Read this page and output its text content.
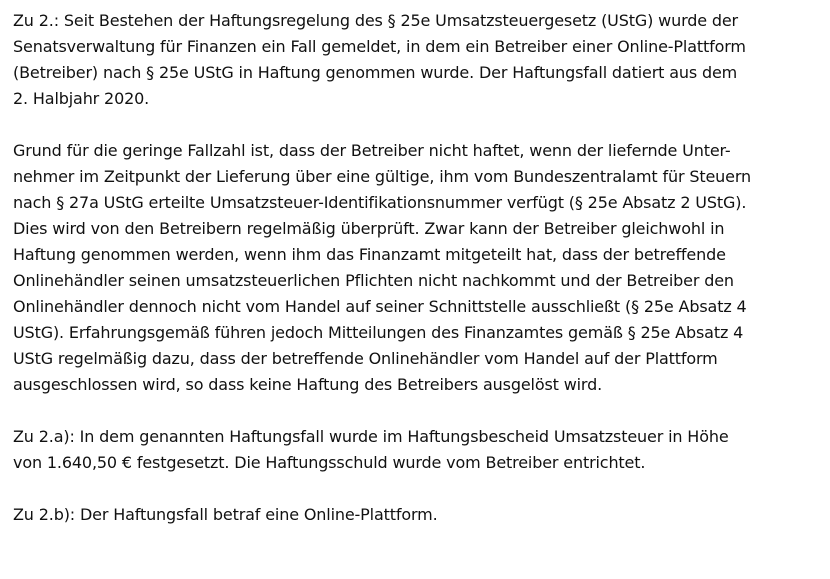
Zu 2.: Seit Bestehen der Haftungsregelung des § 25e Umsatzsteuergesetz (UStG) wurde der
Senatsverwaltung für Finanzen ein Fall gemeldet, in dem ein Betreiber einer Online-Plattform
(Betreiber) nach § 25e UStG in Haftung genommen wurde. Der Haftungsfall datiert aus dem
2. Halbjahr 2020.
Grund für die geringe Fallzahl ist, dass der Betreiber nicht haftet, wenn der liefernde Unter-
nehmer im Zeitpunkt der Lieferung über eine gültige, ihm vom Bundeszentralamt für Steuern
nach § 27a UStG erteilte Umsatzsteuer-Identifikationsnummer verfügt (§ 25e Absatz 2 UStG).
Dies wird von den Betreibern regelmäßig überprüft. Zwar kann der Betreiber gleichwohl in
Haftung genommen werden, wenn ihm das Finanzamt mitgeteilt hat, dass der betreffende
Onlinehändler seinen umsatzsteuerlichen Pflichten nicht nachkommt und der Betreiber den
Onlinehändler dennoch nicht vom Handel auf seiner Schnittstelle ausschließt (§ 25e Absatz 4
UStG). Erfahrungsgemäß führen jedoch Mitteilungen des Finanzamtes gemäß § 25e Absatz 4
UStG regelmäßig dazu, dass der betreffende Onlinehändler vom Handel auf der Plattform
ausgeschlossen wird, so dass keine Haftung des Betreibers ausgelöst wird.
Zu 2.a): In dem genannten Haftungsfall wurde im Haftungsbescheid Umsatzsteuer in Höhe
von 1.640,50 € festgesetzt. Die Haftungsschuld wurde vom Betreiber entrichtet.
Zu 2.b): Der Haftungsfall betraf eine Online-Plattform.
